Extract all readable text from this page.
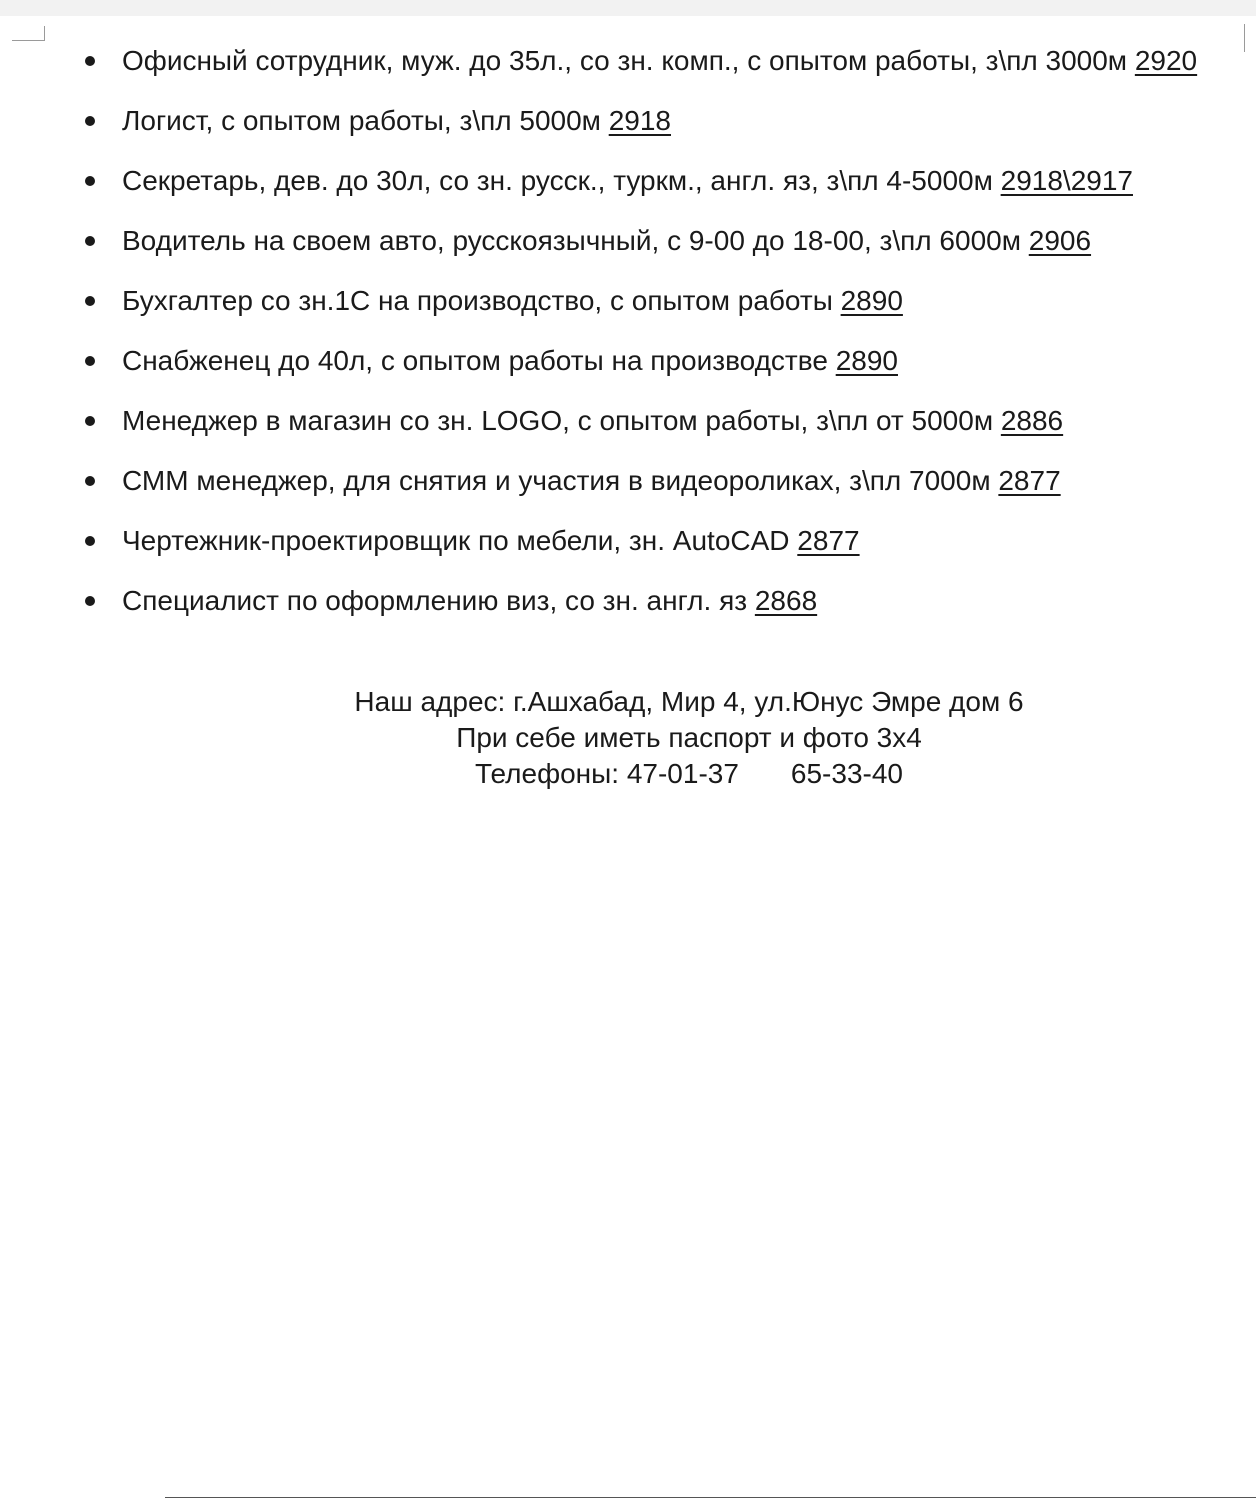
Офисный сотрудник, муж. до 35л., со зн. комп., с опытом работы, з\пл 3000м 2920
Логист, с опытом работы, з\пл 5000м 2918
Секретарь, дев. до 30л, со зн. русск., туркм., англ. яз, з\пл 4-5000м 2918\2917
Водитель на своем авто, русскоязычный, с 9-00 до 18-00, з\пл 6000м 2906
Бухгалтер со зн.1С на производство, с опытом работы 2890
Снабженец до 40л, с опытом работы на производстве 2890
Менеджер в магазин со зн. LOGO, с опытом работы, з\пл от 5000м 2886
СММ менеджер, для снятия и участия в видеороликах, з\пл 7000м 2877
Чертежник-проектировщик по мебели, зн. AutoCAD 2877
Специалист по оформлению виз, со зн. англ. яз 2868
Наш адрес: г.Ашхабад, Мир 4, ул.Юнус Эмре дом 6
При себе иметь паспорт и фото 3х4
Телефоны: 47-01-37 65-33-40
